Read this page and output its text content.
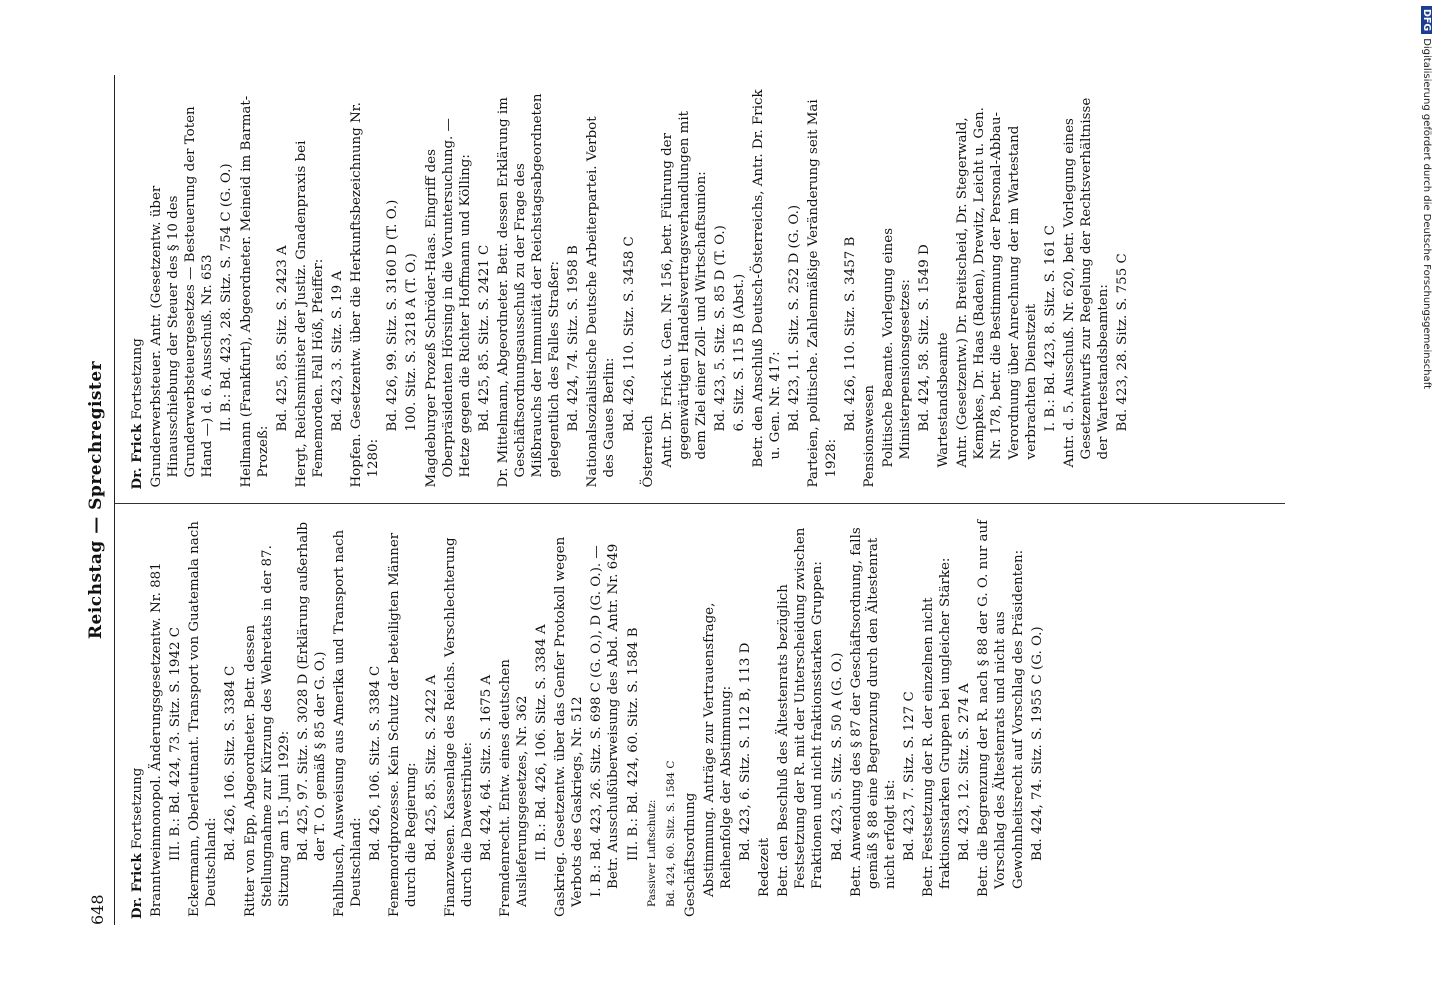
DFGDigitalisierung gefördert durch die Deutsche Forschungsgemeinschaft
648
Reichstag — Sprechregister
Dr. Frick Fortsetzung Branntweinmonopol. Änderungsgesetzentw. Nr. 881 III. B.: Bd. 424, 73. Sitz. S. 1942 C Eckermann, Oberleutnant. Transport von Guatemala nach Deutschland:
Bd. 426, 106. Sitz. S. 3384 C Ritter von Epp, Abgeordneter. Betr. dessen Stellungnahme zur Kürzung des Wehretats in der 87. Sitzung am 15. Juni 1929: Bd. 425, 97. Sitz. S. 3028 D (Erklärung außerhalb der T. O. gemäß § 85 der G. O.) Fahlbusch, Ausweisung aus Amerika und Transport nach Deutschland:
Bd. 426, 106. Sitz. S. 3384 C Fememordprozesse. Kein Schutz der beteiligten Männer durch die Regierung: Bd. 425, 85. Sitz. S. 2422 A Finanzwesen. Kassenlage des Reichs. Verschlechterung durch die Dawestribute: Bd. 424, 64. Sitz. S. 1675 A Fremdenrecht. Entw. eines deutschen Auslieferungsgesetzes, Nr. 362 II. B.: Bd. 426, 106. Sitz. S. 3384 A Gaskrieg. Gesetzentw. über das Genfer Protokoll wegen Verbots des Gaskriegs, Nr. 512 I. B.: Bd. 423, 26. Sitz. S. 698 C (G. O.), D (G. O.). — Betr. Ausschußüberweisung des Abd. Antr. Nr. 649 III. B.: Bd. 424, 60. Sitz. S. 1584 B Passiver Luftschutz: Bd. 424, 60. Sitz. S. 1584 C Geschäftsordnung Abstimmung. Anträge zur Vertrauensfrage, Reihenfolge der Abstimmung: Bd. 423, 6. Sitz. S. 112 B, 113 D
Redezeit Betr. den Beschluß des Ältestenrats bezüglich Festsetzung der R. mit der Unterscheidung zwischen Fraktionen und nicht fraktionsstarken Gruppen: Bd. 423, 5. Sitz. S. 50 A (G. O.) Betr. Anwendung des § 87 der Geschäftsordnung, falls gemäß § 88 eine Begrenzung durch den Ältestenrat nicht erfolgt ist: Bd. 423, 7. Sitz. S. 127 C Betr. Festsetzung der R. der einzelnen nicht fraktionsstarken Gruppen bei ungleicher Stärke: Bd. 423, 12. Sitz. S. 274 A Betr. die Begrenzung der R. nach § 88 der G. O. nur auf Vorschlag des Ältestenrats und nicht aus Gewohnheitsrecht auf Vorschlag des Präsidenten: Bd. 424, 74. Sitz. S. 1955 C (G. O.)
Dr. Frick Fortsetzung Grunderwerbsteuer. Antr. (Gesetzentw. über Hinausschiebung der Steuer des § 10 des Grunderwerbsteuergesetzes — Besteuerung der Toten Hand —) d. 6. Ausschuß. Nr. 653 II. B.: Bd. 423, 28. Sitz. S. 754 C (G. O.) Heilmann (Frankfurt), Abgeordneter. Meineid im Barmat-Prozeß:
Bd. 425, 85. Sitz. S. 2423 A Hergt, Reichsminister der Justiz. Gnadenpraxis bei Fememorden. Fall Höß, Pfeiffer: Bd. 423, 3. Sitz. S. 19 A Hopfen. Gesetzentw. über die Herkunftsbezeichnung Nr. 1280:
Bd. 426, 99. Sitz. S. 3160 D (T. O.) 100. Sitz. S. 3218 A (T. O.) Magdeburger Prozeß Schröder-Haas. Eingriff des Oberpräsidenten Hörsing in die Voruntersuchung. — Hetze gegen die Richter Hoffmann und Kölling: Bd. 425, 85. Sitz. S. 2421 C Dr. Mittelmann, Abgeordneter. Betr. dessen Erklärung im Geschäftsordnungsausschuß zu der Frage des Mißbrauchs der Immunität der Reichstagsabgeordneten gelegentlich des Falles Straßer: Bd. 424, 74. Sitz. S. 1958 B Nationalsozialistische Deutsche Arbeiterpartei. Verbot des Gaues Berlin: Bd. 426, 110. Sitz. S. 3458 C
Österreich Antr. Dr. Frick u. Gen. Nr. 156, betr. Führung der gegenwärtigen Handelsvertragsverhandlungen mit dem Ziel einer Zoll- und Wirtschaftsunion: Bd. 423, 5. Sitz. S. 85 D (T. O.) 6. Sitz. S. 115 B (Abst.) Betr. den Anschluß Deutsch-Österreichs, Antr. Dr. Frick u. Gen. Nr. 417: Bd. 423, 11. Sitz. S. 252 D (G. O.) Parteien, politische. Zahlenmäßige Veränderung seit Mai 1928:
Bd. 426, 110. Sitz. S. 3457 B
Pensionswesen Politische Beamte. Vorlegung eines Ministerpensionsgesetzes: Bd. 424, 58. Sitz. S. 1549 D Wartestandsbeamte Antr. (Gesetzentw.) Dr. Breitscheid, Dr. Stegerwald, Kempkes, Dr. Haas (Baden), Drewitz, Leicht u. Gen. Nr. 178, betr. die Bestimmung der Personal-Abbau-Verordnung über Anrechnung der im Wartestand verbrachten Dienstzeit I. B.: Bd. 423, 8. Sitz. S. 161 C Antr. d. 5. Ausschuß. Nr. 620, betr. Vorlegung eines Gesetzentwurfs zur Regelung der Rechtsverhältnisse der Wartestandsbeamten: Bd. 423, 28. Sitz. S. 755 C
